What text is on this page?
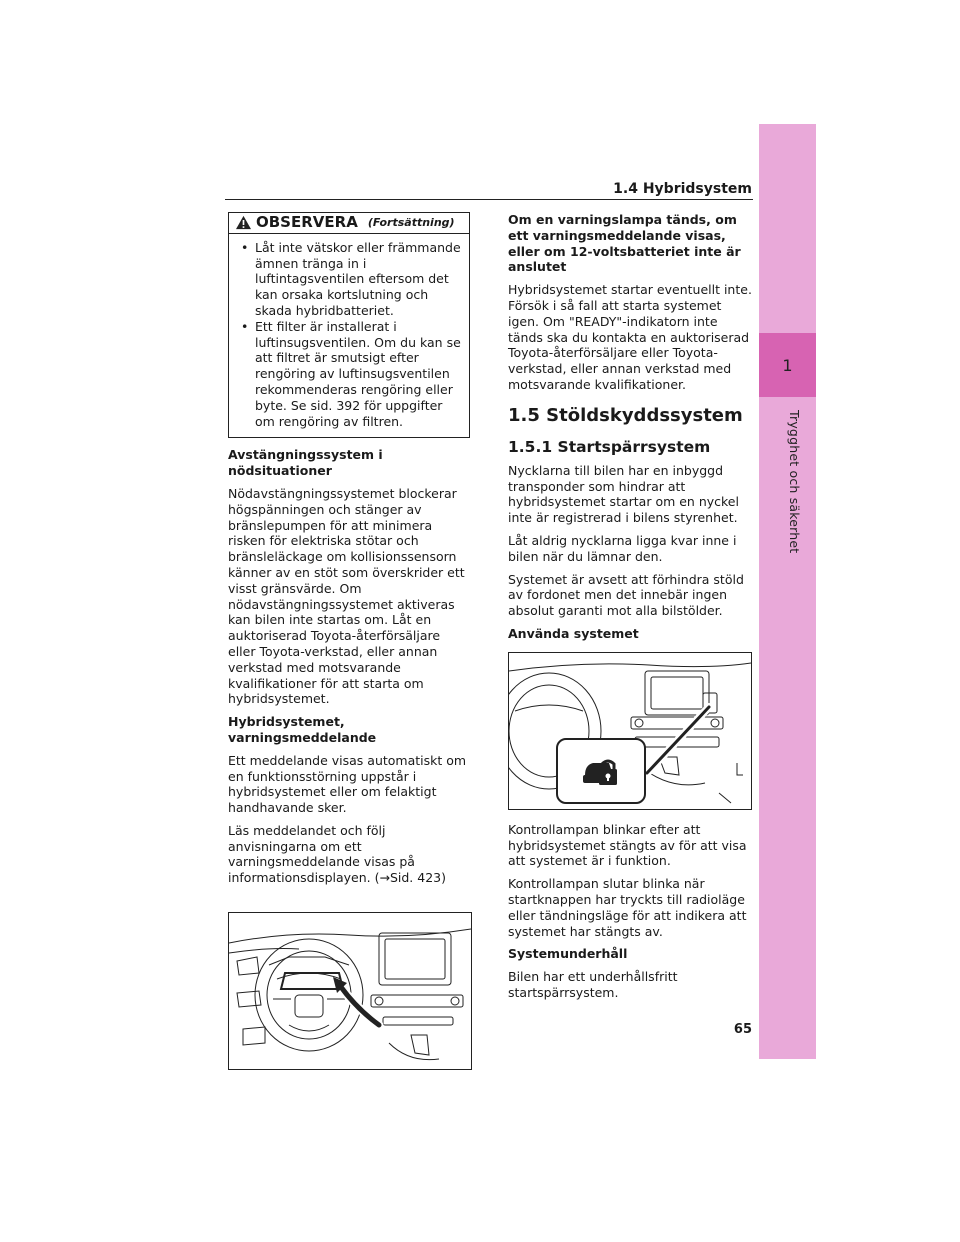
1
Trygghet och säkerhet
1.4 Hybridsystem
OBSERVERA (Fortsättning)
• Låt inte vätskor eller främmande ämnen tränga in i luftintagsventilen eftersom det kan orsaka kortslutning och skada hybridbatteriet.
• Ett filter är installerat i luftinsugsventilen. Om du kan se att filtret är smutsigt efter rengöring av luftinsugsventilen rekommenderas rengöring eller byte. Se sid. 392 för uppgifter om rengöring av filtren.

Avstängningssystem i nödsituationer

Nödavstängningssystemet blockerar högspänningen och stänger av bränslepumpen för att minimera risken för elektriska stötar och bränsleläckage om kollisionssensorn känner av en stöt som överskrider ett visst gränsvärde. Om nödavstängningssystemet aktiveras kan bilen inte startas om. Låt en auktoriserad Toyota-återförsäljare eller Toyota-verkstad, eller annan verkstad med motsvarande kvalifikationer för att starta om hybridsystemet.

Hybridsystemet, varningsmeddelande

Ett meddelande visas automatiskt om en funktionsstörning uppstår i hybridsystemet eller om felaktigt handhavande sker.

Läs meddelandet och följ anvisningarna om ett varningsmeddelande visas på informationsdisplayen. (→Sid. 423)

Om en varningslampa tänds, om ett varningsmeddelande visas, eller om 12-voltsbatteriet inte är anslutet

Hybridsystemet startar eventuellt inte. Försök i så fall att starta systemet igen. Om "READY"-indikatorn inte tänds ska du kontakta en auktoriserad Toyota-återförsäljare eller Toyota-verkstad, eller annan verkstad med motsvarande kvalifikationer.

1.5 Stöldskyddssystem
1.5.1 Startspärrsystem

Nycklarna till bilen har en inbyggd transponder som hindrar att hybridsystemet startar om en nyckel inte är registrerad i bilens styrenhet.

Låt aldrig nycklarna ligga kvar inne i bilen när du lämnar den.

Systemet är avsett att förhindra stöld av fordonet men det innebär ingen absolut garanti mot alla bilstölder.

Använda systemet

Kontrollampan blinkar efter att hybridsystemet stängts av för att visa att systemet är i funktion.

Kontrollampan slutar blinka när startknappen har tryckts till radioläge eller tändningsläge för att indikera att systemet har stängts av.

Systemunderhåll

Bilen har ett underhållsfritt startspärrsystem.

65
